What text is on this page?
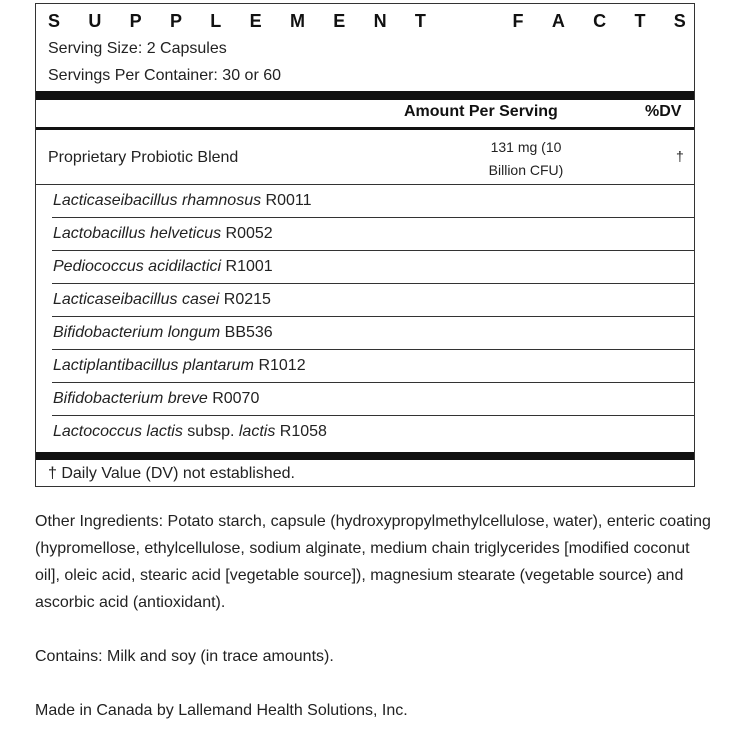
S U P P L E M E N T	F A C T S
Serving Size: 2 Capsules
Servings Per Container: 30 or 60
Amount Per Serving	%DV
Proprietary Probiotic Blend
131 mg (10
Billion CFU)
†
Lacticaseibacillus rhamnosus R0011
Lactobacillus helveticus R0052
Pediococcus acidilactici R1001
Lacticaseibacillus casei R0215
Bifidobacterium longum BB536
Lactiplantibacillus plantarum R1012
Bifidobacterium breve R0070
Lactococcus lactis subsp. lactis R1058
† Daily Value (DV) not established.
Other Ingredients: Potato starch, capsule (hydroxypropylmethylcellulose, water), enteric coating (hypromellose, ethylcellulose, sodium alginate, medium chain triglycerides [modified coconut oil], oleic acid, stearic acid [vegetable source]), magnesium stearate (vegetable source) and ascorbic acid (antioxidant).
Contains: Milk and soy (in trace amounts).
Made in Canada by Lallemand Health Solutions, Inc.
